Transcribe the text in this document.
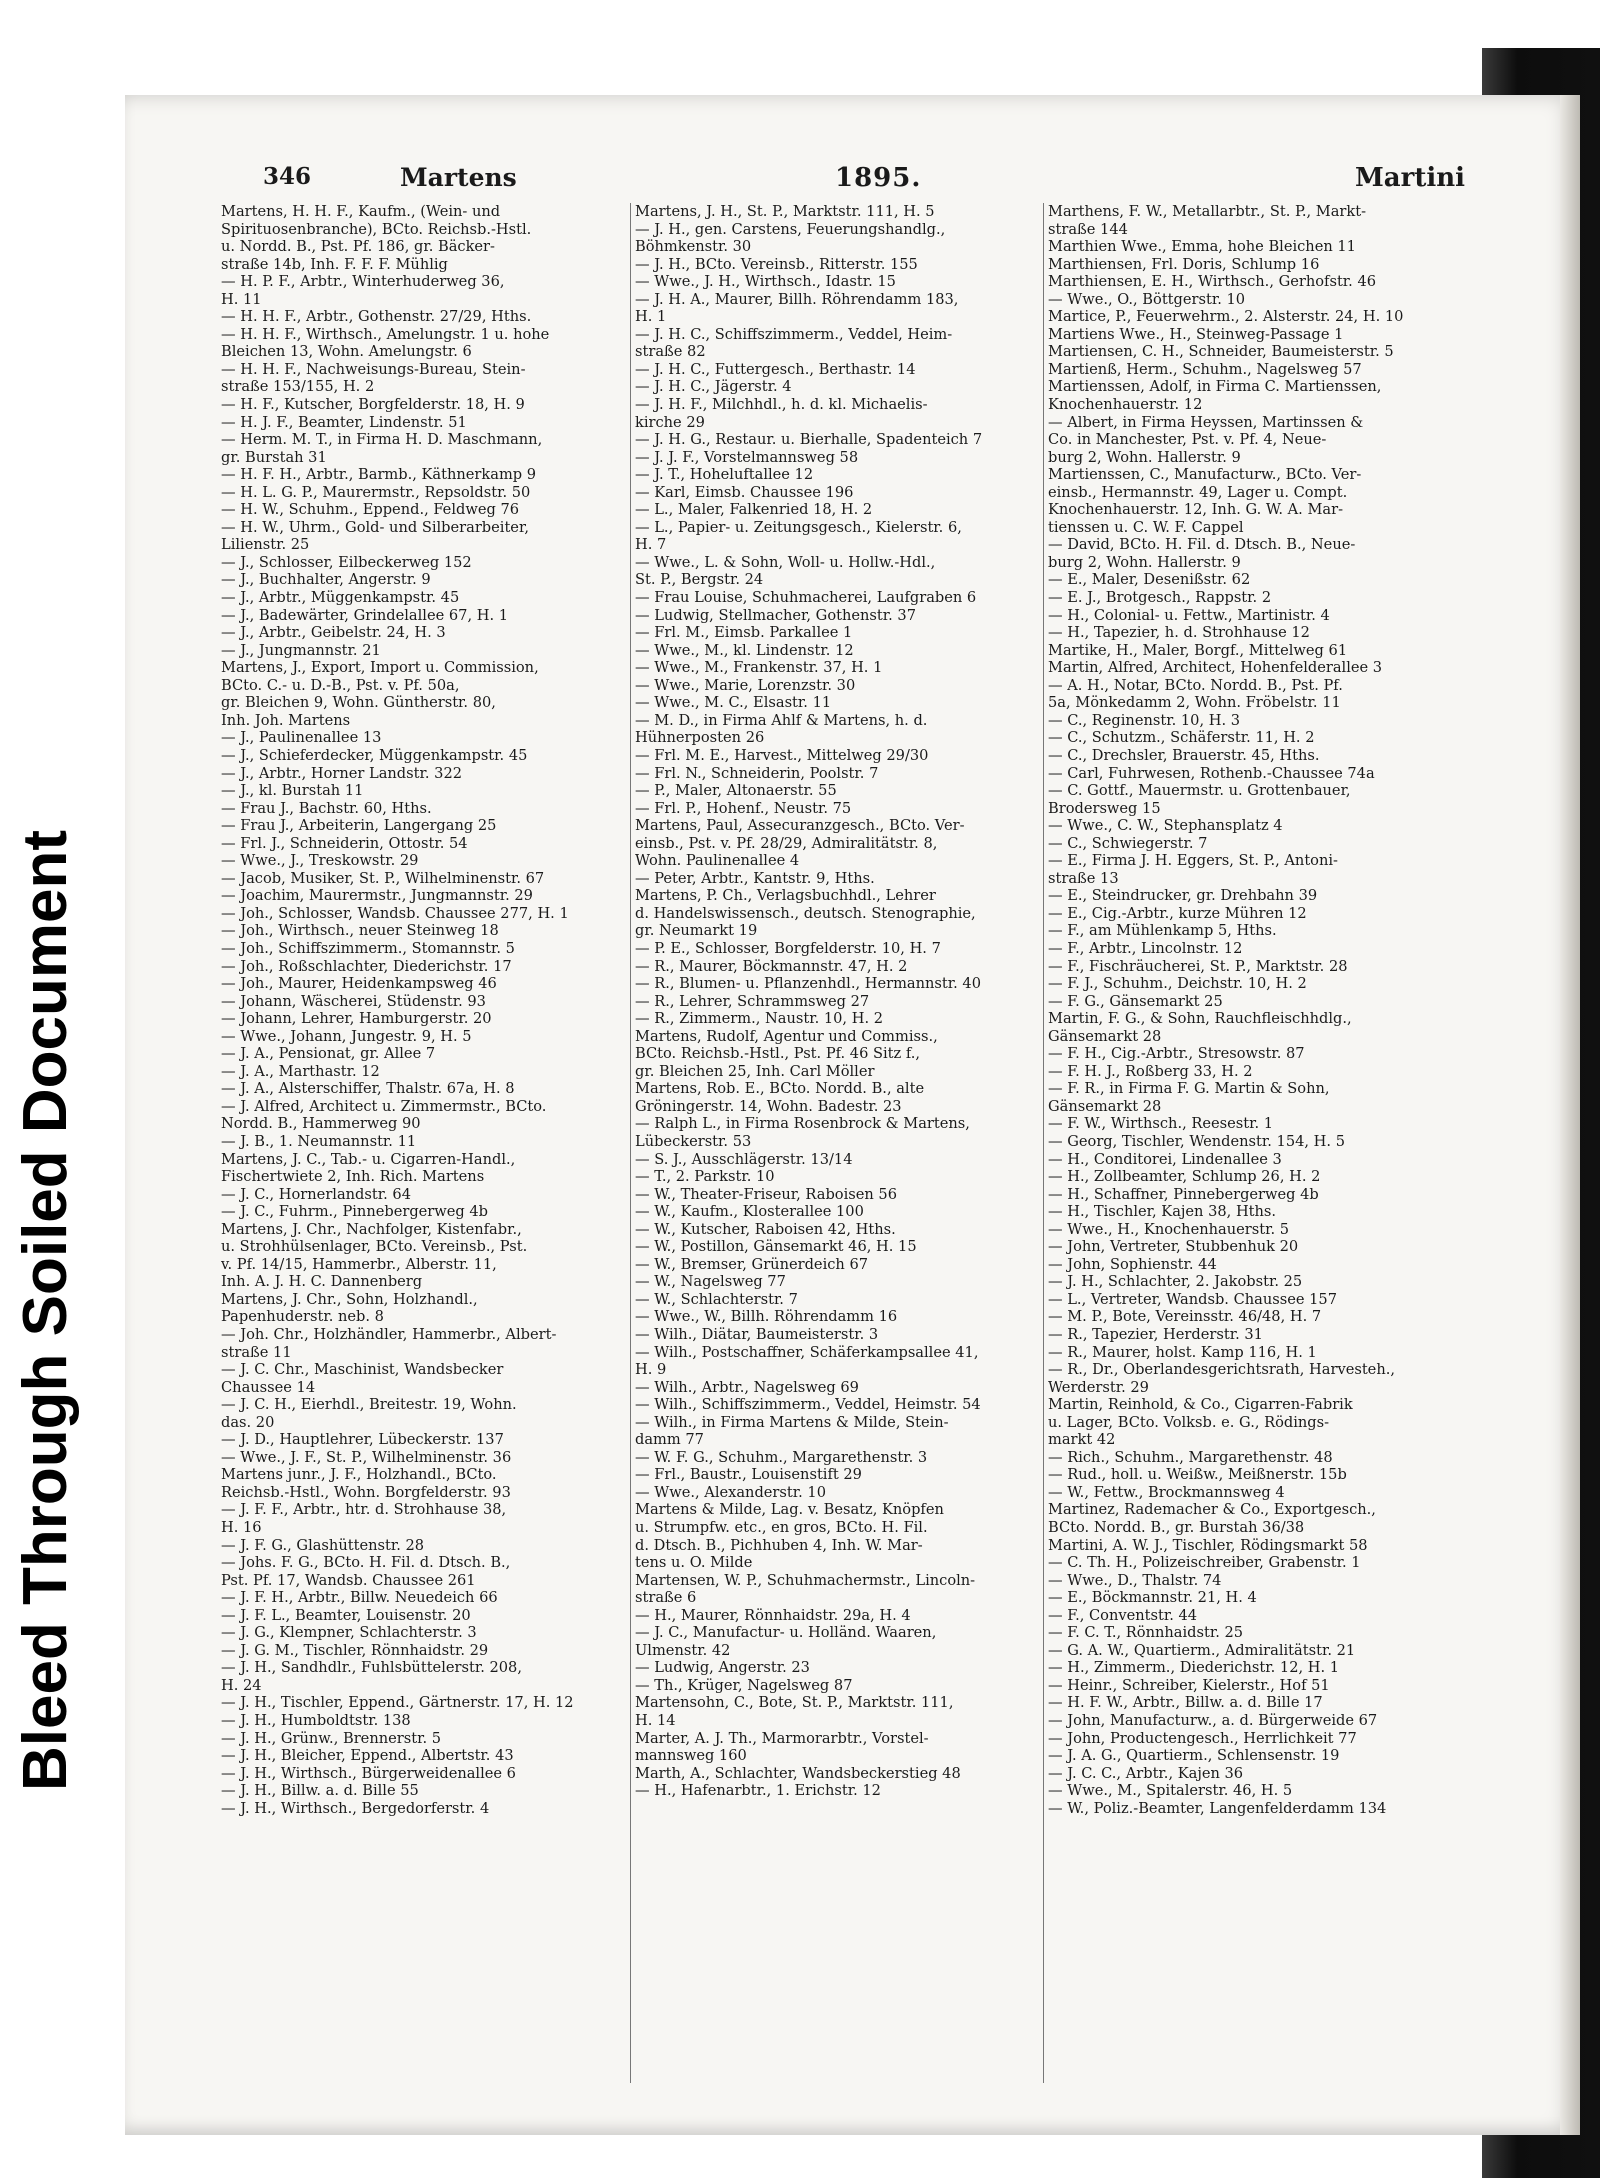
Bleed Through Soiled Document
346	Martens	1895.	Martini
Martens, H. H. F., Kaufm., (Wein- und
Spirituosenbranche), BCto. Reichsb.-Hstl.
u. Nordd. B., Pst. Pf. 186, gr. Bäcker-
straße 14b, Inh. F. F. F. Mühlig
— H. P. F., Arbtr., Winterhuderweg 36,
H. 11
— H. H. F., Arbtr., Gothenstr. 27/29, Hths.
— H. H. F., Wirthsch., Amelungstr. 1 u. hohe
Bleichen 13, Wohn. Amelungstr. 6
— H. H. F., Nachweisungs-Bureau, Stein-
straße 153/155, H. 2
— H. F., Kutscher, Borgfelderstr. 18, H. 9
— H. J. F., Beamter, Lindenstr. 51
— Herm. M. T., in Firma H. D. Maschmann,
gr. Burstah 31
— H. F. H., Arbtr., Barmb., Käthnerkamp 9
— H. L. G. P., Maurermstr., Repsoldstr. 50
— H. W., Schuhm., Eppend., Feldweg 76
— H. W., Uhrm., Gold- und Silberarbeiter,
Lilienstr. 25
— J., Schlosser, Eilbeckerweg 152
— J., Buchhalter, Angerstr. 9
— J., Arbtr., Müggenkampstr. 45
— J., Badewärter, Grindelallee 67, H. 1
— J., Arbtr., Geibelstr. 24, H. 3
— J., Jungmannstr. 21
Martens, J., Export, Import u. Commission,
BCto. C.- u. D.-B., Pst. v. Pf. 50a,
gr. Bleichen 9, Wohn. Güntherstr. 80,
Inh. Joh. Martens
— J., Paulinenallee 13
— J., Schieferdecker, Müggenkampstr. 45
— J., Arbtr., Horner Landstr. 322
— J., kl. Burstah 11
— Frau J., Bachstr. 60, Hths.
— Frau J., Arbeiterin, Langergang 25
— Frl. J., Schneiderin, Ottostr. 54
— Wwe., J., Treskowstr. 29
— Jacob, Musiker, St. P., Wilhelminenstr. 67
— Joachim, Maurermstr., Jungmannstr. 29
— Joh., Schlosser, Wandsb. Chaussee 277, H. 1
— Joh., Wirthsch., neuer Steinweg 18
— Joh., Schiffszimmerm., Stomannstr. 5
— Joh., Roßschlachter, Diederichstr. 17
— Joh., Maurer, Heidenkampsweg 46
— Johann, Wäscherei, Stüdenstr. 93
— Johann, Lehrer, Hamburgerstr. 20
— Wwe., Johann, Jungestr. 9, H. 5
— J. A., Pensionat, gr. Allee 7
— J. A., Marthastr. 12
— J. A., Alsterschiffer, Thalstr. 67a, H. 8
— J. Alfred, Architect u. Zimmermstr., BCto.
Nordd. B., Hammerweg 90
— J. B., 1. Neumannstr. 11
Martens, J. C., Tab.- u. Cigarren-Handl.,
Fischertwiete 2, Inh. Rich. Martens
— J. C., Hornerlandstr. 64
— J. C., Fuhrm., Pinnebergerweg 4b
Martens, J. Chr., Nachfolger, Kistenfabr.,
u. Strohhülsenlager, BCto. Vereinsb., Pst.
v. Pf. 14/15, Hammerbr., Alberstr. 11,
Inh. A. J. H. C. Dannenberg
Martens, J. Chr., Sohn, Holzhandl.,
Papenhuderstr. neb. 8
— Joh. Chr., Holzhändler, Hammerbr., Albert-
straße 11
— J. C. Chr., Maschinist, Wandsbecker
Chaussee 14
— J. C. H., Eierhdl., Breitestr. 19, Wohn.
das. 20
— J. D., Hauptlehrer, Lübeckerstr. 137
— Wwe., J. F., St. P., Wilhelminenstr. 36
Martens junr., J. F., Holzhandl., BCto.
Reichsb.-Hstl., Wohn. Borgfelderstr. 93
— J. F. F., Arbtr., htr. d. Strohhause 38,
H. 16
— J. F. G., Glashüttenstr. 28
— Johs. F. G., BCto. H. Fil. d. Dtsch. B.,
Pst. Pf. 17, Wandsb. Chaussee 261
— J. F. H., Arbtr., Billw. Neuedeich 66
— J. F. L., Beamter, Louisenstr. 20
— J. G., Klempner, Schlachterstr. 3
— J. G. M., Tischler, Rönnhaidstr. 29
— J. H., Sandhdlr., Fuhlsbüttelerstr. 208,
H. 24
— J. H., Tischler, Eppend., Gärtnerstr. 17, H. 12
— J. H., Humboldtstr. 138
— J. H., Grünw., Brennerstr. 5
— J. H., Bleicher, Eppend., Albertstr. 43
— J. H., Wirthsch., Bürgerweidenallee 6
— J. H., Billw. a. d. Bille 55
— J. H., Wirthsch., Bergedorferstr. 4
Martens, J. H., St. P., Marktstr. 111, H. 5
— J. H., gen. Carstens, Feuerungshandlg.,
Böhmkenstr. 30
— J. H., BCto. Vereinsb., Ritterstr. 155
— Wwe., J. H., Wirthsch., Idastr. 15
— J. H. A., Maurer, Billh. Röhrendamm 183,
H. 1
— J. H. C., Schiffszimmerm., Veddel, Heim-
straße 82
— J. H. C., Futtergesch., Berthastr. 14
— J. H. C., Jägerstr. 4
— J. H. F., Milchhdl., h. d. kl. Michaelis-
kirche 29
— J. H. G., Restaur. u. Bierhalle, Spadenteich 7
— J. J. F., Vorstelmannsweg 58
— J. T., Hoheluftallee 12
— Karl, Eimsb. Chaussee 196
— L., Maler, Falkenried 18, H. 2
— L., Papier- u. Zeitungsgesch., Kielerstr. 6,
H. 7
— Wwe., L. & Sohn, Woll- u. Hollw.-Hdl.,
St. P., Bergstr. 24
— Frau Louise, Schuhmacherei, Laufgraben 6
— Ludwig, Stellmacher, Gothenstr. 37
— Frl. M., Eimsb. Parkallee 1
— Wwe., M., kl. Lindenstr. 12
— Wwe., M., Frankenstr. 37, H. 1
— Wwe., Marie, Lorenzstr. 30
— Wwe., M. C., Elsastr. 11
— M. D., in Firma Ahlf & Martens, h. d.
Hühnerposten 26
— Frl. M. E., Harvest., Mittelweg 29/30
— Frl. N., Schneiderin, Poolstr. 7
— P., Maler, Altonaerstr. 55
— Frl. P., Hohenf., Neustr. 75
Martens, Paul, Assecuranzgesch., BCto. Ver-
einsb., Pst. v. Pf. 28/29, Admiralitätstr. 8,
Wohn. Paulinenallee 4
— Peter, Arbtr., Kantstr. 9, Hths.
Martens, P. Ch., Verlagsbuchhdl., Lehrer
d. Handelswissensch., deutsch. Stenographie,
gr. Neumarkt 19
— P. E., Schlosser, Borgfelderstr. 10, H. 7
— R., Maurer, Böckmannstr. 47, H. 2
— R., Blumen- u. Pflanzenhdl., Hermannstr. 40
— R., Lehrer, Schrammsweg 27
— R., Zimmerm., Naustr. 10, H. 2
Martens, Rudolf, Agentur und Commiss.,
BCto. Reichsb.-Hstl., Pst. Pf. 46 Sitz f.,
gr. Bleichen 25, Inh. Carl Möller
Martens, Rob. E., BCto. Nordd. B., alte
Gröningerstr. 14, Wohn. Badestr. 23
— Ralph L., in Firma Rosenbrock & Martens,
Lübeckerstr. 53
— S. J., Ausschlägerstr. 13/14
— T., 2. Parkstr. 10
— W., Theater-Friseur, Raboisen 56
— W., Kaufm., Klosterallee 100
— W., Kutscher, Raboisen 42, Hths.
— W., Postillon, Gänsemarkt 46, H. 15
— W., Bremser, Grünerdeich 67
— W., Nagelsweg 77
— W., Schlachterstr. 7
— Wwe., W., Billh. Röhrendamm 16
— Wilh., Diätar, Baumeisterstr. 3
— Wilh., Postschaffner, Schäferkampsallee 41,
H. 9
— Wilh., Arbtr., Nagelsweg 69
— Wilh., Schiffszimmerm., Veddel, Heimstr. 54
— Wilh., in Firma Martens & Milde, Stein-
damm 77
— W. F. G., Schuhm., Margarethenstr. 3
— Frl., Baustr., Louisenstift 29
— Wwe., Alexanderstr. 10
Martens & Milde, Lag. v. Besatz, Knöpfen
u. Strumpfw. etc., en gros, BCto. H. Fil.
d. Dtsch. B., Pichhuben 4, Inh. W. Mar-
tens u. O. Milde
Martensen, W. P., Schuhmachermstr., Lincoln-
straße 6
— H., Maurer, Rönnhaidstr. 29a, H. 4
— J. C., Manufactur- u. Holländ. Waaren,
Ulmenstr. 42
— Ludwig, Angerstr. 23
— Th., Krüger, Nagelsweg 87
Martensohn, C., Bote, St. P., Marktstr. 111,
H. 14
Marter, A. J. Th., Marmorarbtr., Vorstel-
mannsweg 160
Marth, A., Schlachter, Wandsbeckerstieg 48
— H., Hafenarbtr., 1. Erichstr. 12
Marthens, F. W., Metallarbtr., St. P., Markt-
straße 144
Marthien Wwe., Emma, hohe Bleichen 11
Marthiensen, Frl. Doris, Schlump 16
Marthiensen, E. H., Wirthsch., Gerhofstr. 46
— Wwe., O., Böttgerstr. 10
Martice, P., Feuerwehrm., 2. Alsterstr. 24, H. 10
Martiens Wwe., H., Steinweg-Passage 1
Martiensen, C. H., Schneider, Baumeisterstr. 5
Martienß, Herm., Schuhm., Nagelsweg 57
Martienssen, Adolf, in Firma C. Martienssen,
Knochenhauerstr. 12
— Albert, in Firma Heyssen, Martinssen &
Co. in Manchester, Pst. v. Pf. 4, Neue-
burg 2, Wohn. Hallerstr. 9
Martienssen, C., Manufacturw., BCto. Ver-
einsb., Hermannstr. 49, Lager u. Compt.
Knochenhauerstr. 12, Inh. G. W. A. Mar-
tienssen u. C. W. F. Cappel
— David, BCto. H. Fil. d. Dtsch. B., Neue-
burg 2, Wohn. Hallerstr. 9
— E., Maler, Desenißstr. 62
— E. J., Brotgesch., Rappstr. 2
— H., Colonial- u. Fettw., Martinistr. 4
— H., Tapezier, h. d. Strohhause 12
Martike, H., Maler, Borgf., Mittelweg 61
Martin, Alfred, Architect, Hohenfelderallee 3
— A. H., Notar, BCto. Nordd. B., Pst. Pf.
5a, Mönkedamm 2, Wohn. Fröbelstr. 11
— C., Reginenstr. 10, H. 3
— C., Schutzm., Schäferstr. 11, H. 2
— C., Drechsler, Brauerstr. 45, Hths.
— Carl, Fuhrwesen, Rothenb.-Chaussee 74a
— C. Gottf., Mauermstr. u. Grottenbauer,
Brodersweg 15
— Wwe., C. W., Stephansplatz 4
— C., Schwiegerstr. 7
— E., Firma J. H. Eggers, St. P., Antoni-
straße 13
— E., Steindrucker, gr. Drehbahn 39
— E., Cig.-Arbtr., kurze Mühren 12
— F., am Mühlenkamp 5, Hths.
— F., Arbtr., Lincolnstr. 12
— F., Fischräucherei, St. P., Marktstr. 28
— F. J., Schuhm., Deichstr. 10, H. 2
— F. G., Gänsemarkt 25
Martin, F. G., & Sohn, Rauchfleischhdlg.,
Gänsemarkt 28
— F. H., Cig.-Arbtr., Stresowstr. 87
— F. H. J., Roßberg 33, H. 2
— F. R., in Firma F. G. Martin & Sohn,
Gänsemarkt 28
— F. W., Wirthsch., Reesestr. 1
— Georg, Tischler, Wendenstr. 154, H. 5
— H., Conditorei, Lindenallee 3
— H., Zollbeamter, Schlump 26, H. 2
— H., Schaffner, Pinnebergerweg 4b
— H., Tischler, Kajen 38, Hths.
— Wwe., H., Knochenhauerstr. 5
— John, Vertreter, Stubbenhuk 20
— John, Sophienstr. 44
— J. H., Schlachter, 2. Jakobstr. 25
— L., Vertreter, Wandsb. Chaussee 157
— M. P., Bote, Vereinsstr. 46/48, H. 7
— R., Tapezier, Herderstr. 31
— R., Maurer, holst. Kamp 116, H. 1
— R., Dr., Oberlandesgerichtsrath, Harvesteh.,
Werderstr. 29
Martin, Reinhold, & Co., Cigarren-Fabrik
u. Lager, BCto. Volksb. e. G., Rödings-
markt 42
— Rich., Schuhm., Margarethenstr. 48
— Rud., holl. u. Weißw., Meißnerstr. 15b
— W., Fettw., Brockmannsweg 4
Martinez, Rademacher & Co., Exportgesch.,
BCto. Nordd. B., gr. Burstah 36/38
Martini, A. W. J., Tischler, Rödingsmarkt 58
— C. Th. H., Polizeischreiber, Grabenstr. 1
— Wwe., D., Thalstr. 74
— E., Böckmannstr. 21, H. 4
— F., Conventstr. 44
— F. C. T., Rönnhaidstr. 25
— G. A. W., Quartierm., Admiralitätstr. 21
— H., Zimmerm., Diederichstr. 12, H. 1
— Heinr., Schreiber, Kielerstr., Hof 51
— H. F. W., Arbtr., Billw. a. d. Bille 17
— John, Manufacturw., a. d. Bürgerweide 67
— John, Productengesch., Herrlichkeit 77
— J. A. G., Quartierm., Schlensenstr. 19
— J. C. C., Arbtr., Kajen 36
— Wwe., M., Spitalerstr. 46, H. 5
— W., Poliz.-Beamter, Langenfelderdamm 134
